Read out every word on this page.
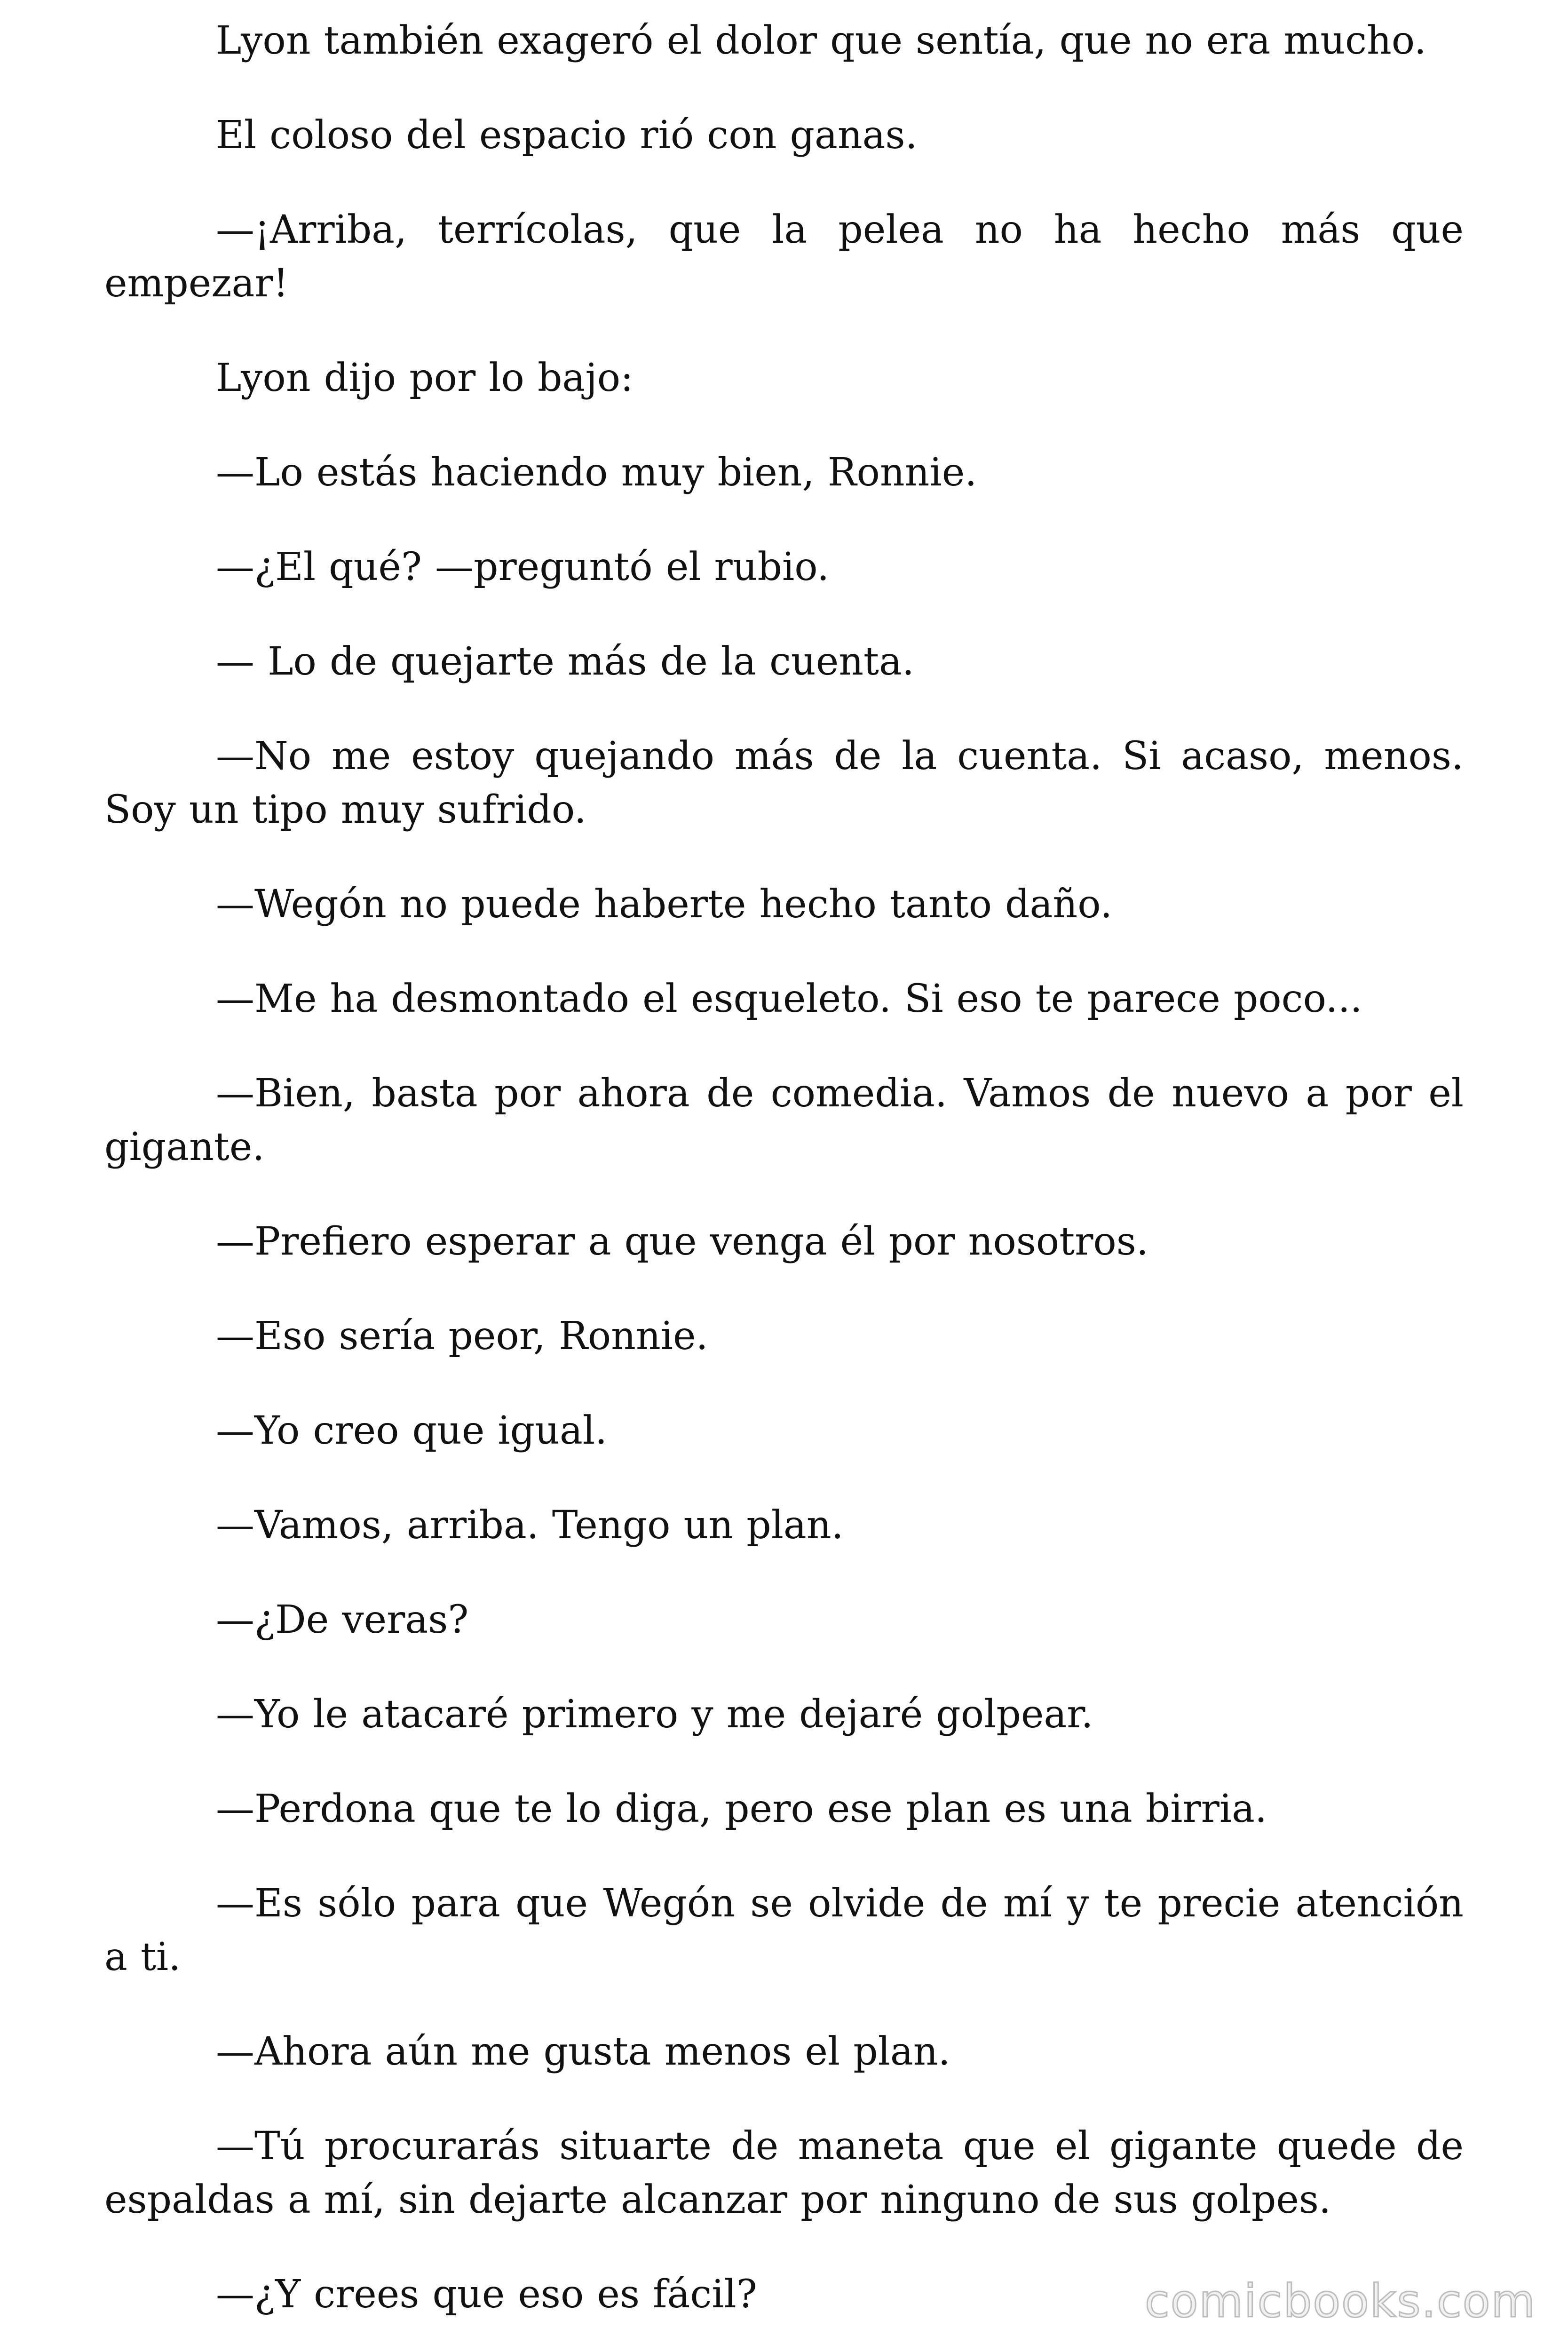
Lyon también exageró el dolor que sentía, que no era mucho.

El coloso del espacio rió con ganas.

—¡Arriba, terrícolas, que la pelea no ha hecho más que empezar!

Lyon dijo por lo bajo:

—Lo estás haciendo muy bien, Ronnie.

—¿El qué? —preguntó el rubio.

— Lo de quejarte más de la cuenta.

—No me estoy quejando más de la cuenta. Si acaso, menos. Soy un tipo muy sufrido.

—Wegón no puede haberte hecho tanto daño.

—Me ha desmontado el esqueleto. Si eso te parece poco...

—Bien, basta por ahora de comedia. Vamos de nuevo a por el gigante.

—Prefiero esperar a que venga él por nosotros.

—Eso sería peor, Ronnie.

—Yo creo que igual.

—Vamos, arriba. Tengo un plan.

—¿De veras?

—Yo le atacaré primero y me dejaré golpear.

—Perdona que te lo diga, pero ese plan es una birria.

—Es sólo para que Wegón se olvide de mí y te precie atención a ti.

—Ahora aún me gusta menos el plan.

—Tú procurarás situarte de maneta que el gigante quede de espaldas a mí, sin dejarte alcanzar por ninguno de sus golpes.

—¿Y crees que eso es fácil?	comicbooks.com
